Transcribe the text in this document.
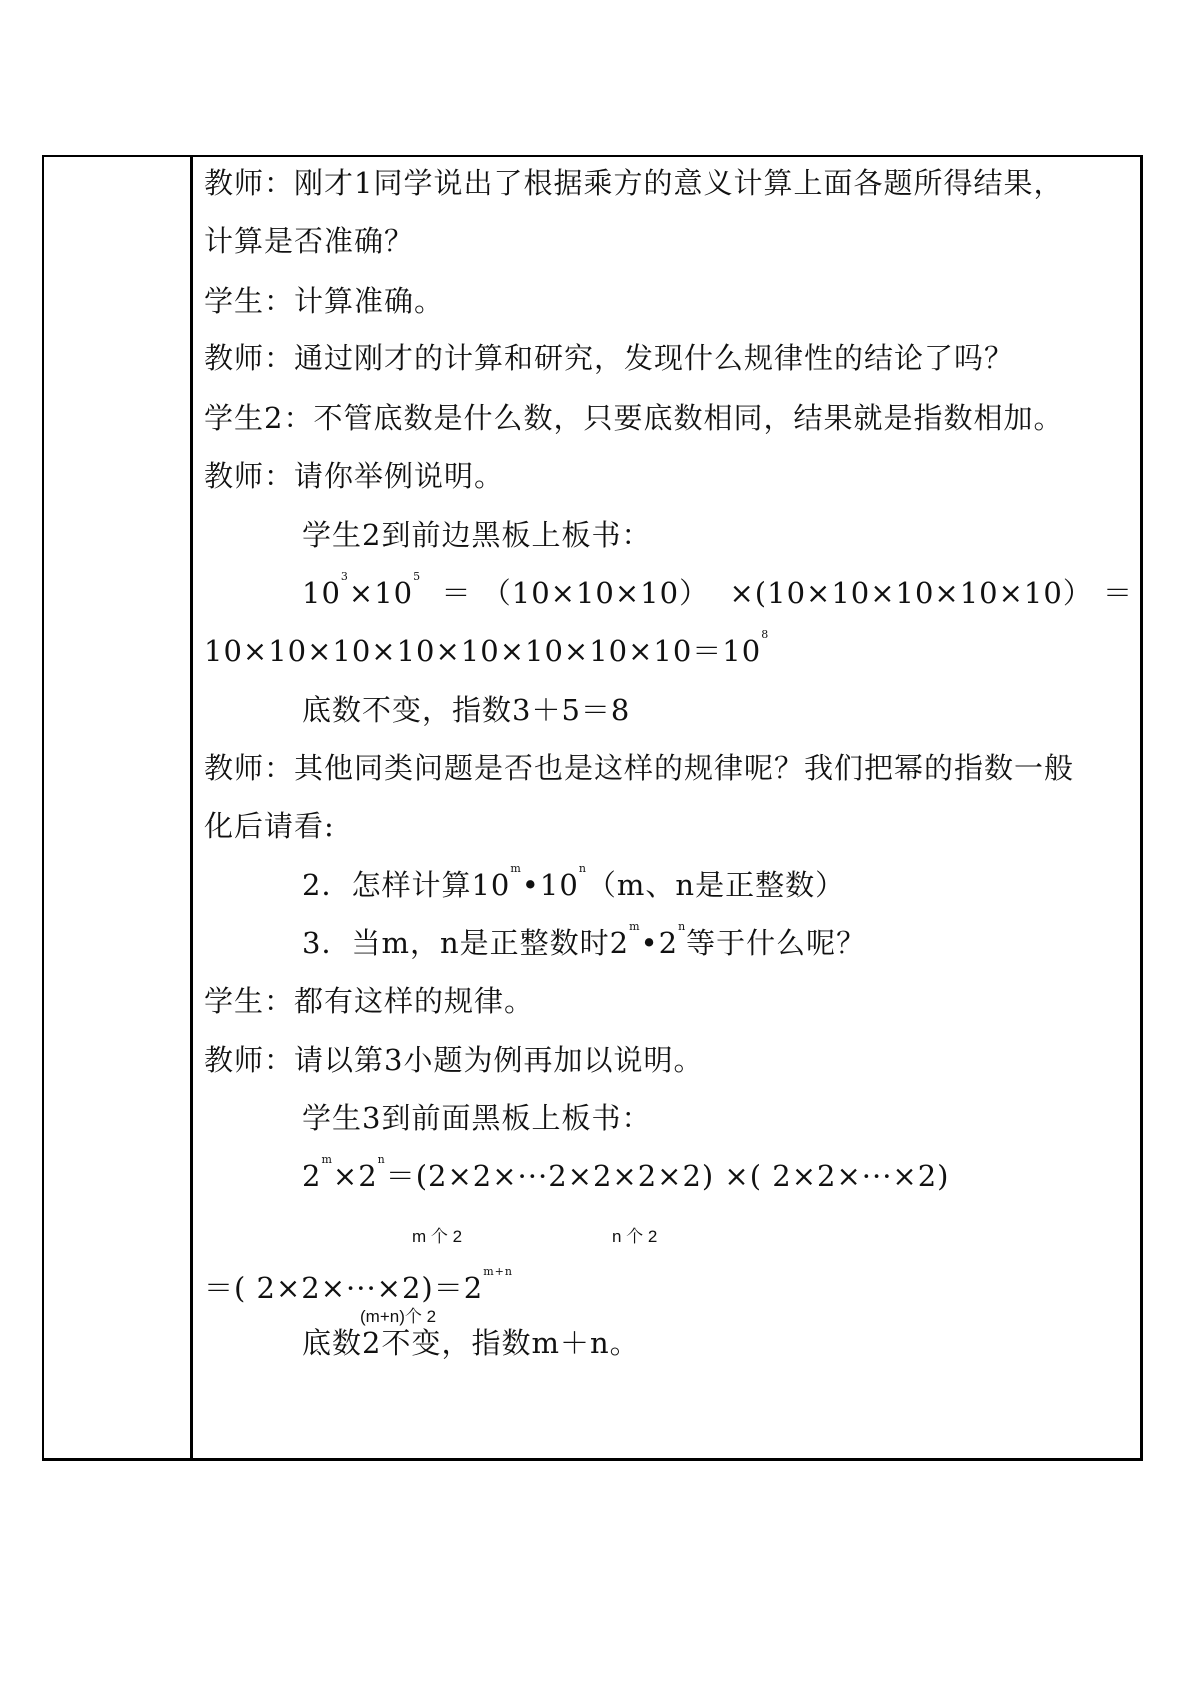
教师：刚才1同学说出了根据乘方的意义计算上面各题所得结果，
计算是否准确？
学生：计算准确。
教师：通过刚才的计算和研究，发现什么规律性的结论了吗？
学生2：不管底数是什么数，只要底数相同，结果就是指数相加。
教师：请你举例说明。
学生2到前边黑板上板书：
$10^3\times 10^5 = (10\times 10\times 10) \times(10\times 10\times 10\times 10\times 10)$ ＝
$10\times 10\times 10\times 10\times 10\times 10\times 10\times 10=10^8$
底数不变，指数3＋5＝8
教师：其他同类问题是否也是这样的规律呢？我们把幂的指数一般
化后请看:
2．怎样计算10$^m$•10$^n$（m、n是正整数）
3．当m，n是正整数时2$^m$•2$^n$等于什么呢？
学生：都有这样的规律。
教师：请以第3小题为例再加以说明。
学生3到前面黑板上板书：
$2^m\times 2^n=(2\times 2\times\cdot\cdot\cdot 2\times 2\times 2\times 2)$ ×( 2×2×···×2)
m 个 2	n 个 2
＝( $2\times 2\times\cdot\cdot\cdot\times 2)=2^{m+n}$
(m+n)个 2
底数2不变，指数m＋n。
